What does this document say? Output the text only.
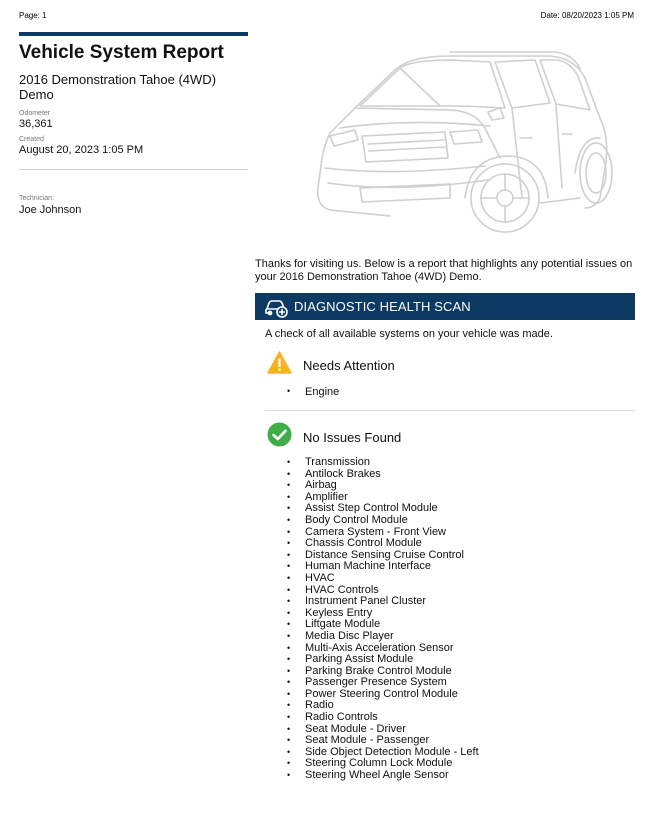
Page: 1	Date: 08/20/2023 1:05 PM
Vehicle System Report
2016 Demonstration Tahoe (4WD) Demo
Odometer
36,361
Created
August 20, 2023 1:05 PM
Technician:
Joe Johnson
Thanks for visiting us. Below is a report that highlights any potential issues on your 2016 Demonstration Tahoe (4WD) Demo.
DIAGNOSTIC HEALTH SCAN
A check of all available systems on your vehicle was made.
Needs Attention
• Engine
No Issues Found
• Transmission
• Antilock Brakes
• Airbag
• Amplifier
• Assist Step Control Module
• Body Control Module
• Camera System - Front View
• Chassis Control Module
• Distance Sensing Cruise Control
• Human Machine Interface
• HVAC
• HVAC Controls
• Instrument Panel Cluster
• Keyless Entry
• Liftgate Module
• Media Disc Player
• Multi-Axis Acceleration Sensor
• Parking Assist Module
• Parking Brake Control Module
• Passenger Presence System
• Power Steering Control Module
• Radio
• Radio Controls
• Seat Module - Driver
• Seat Module - Passenger
• Side Object Detection Module - Left
• Steering Column Lock Module
• Steering Wheel Angle Sensor
